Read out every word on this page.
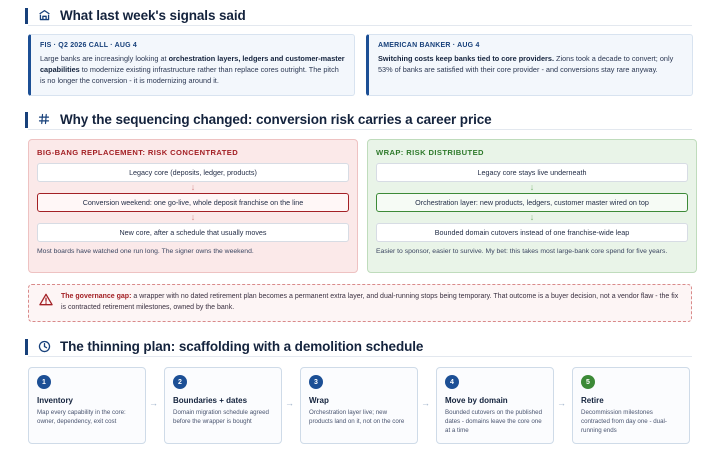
What last week's signals said
FIS · Q2 2026 CALL · AUG 4
Large banks are increasingly looking at orchestration layers, ledgers and customer-master capabilities to modernize existing infrastructure rather than replace cores outright. The pitch is no longer the conversion - it is modernizing around it.
AMERICAN BANKER · AUG 4
Switching costs keep banks tied to core providers. Zions took a decade to convert; only 53% of banks are satisfied with their core provider - and conversions stay rare anyway.
Why the sequencing changed: conversion risk carries a career price
BIG-BANG REPLACEMENT: RISK CONCENTRATED
Legacy core (deposits, ledger, products)
↓
Conversion weekend: one go-live, whole deposit franchise on the line
↓
New core, after a schedule that usually moves
Most boards have watched one run long. The signer owns the weekend.
WRAP: RISK DISTRIBUTED
Legacy core stays live underneath
↓
Orchestration layer: new products, ledgers, customer master wired on top
↓
Bounded domain cutovers instead of one franchise-wide leap
Easier to sponsor, easier to survive. My bet: this takes most large-bank core spend for five years.
The governance gap: a wrapper with no dated retirement plan becomes a permanent extra layer, and dual-running stops being temporary. That outcome is a buyer decision, not a vendor flaw - the fix is contracted retirement milestones, owned by the bank.
The thinning plan: scaffolding with a demolition schedule
1
Inventory
Map every capability in the core: owner, dependency, exit cost
→
2
Boundaries + dates
Domain migration schedule agreed before the wrapper is bought
→
3
Wrap
Orchestration layer live; new products land on it, not on the core
→
4
Move by domain
Bounded cutovers on the published dates - domains leave the core one at a time
→
5
Retire
Decommission milestones contracted from day one - dual-running ends
